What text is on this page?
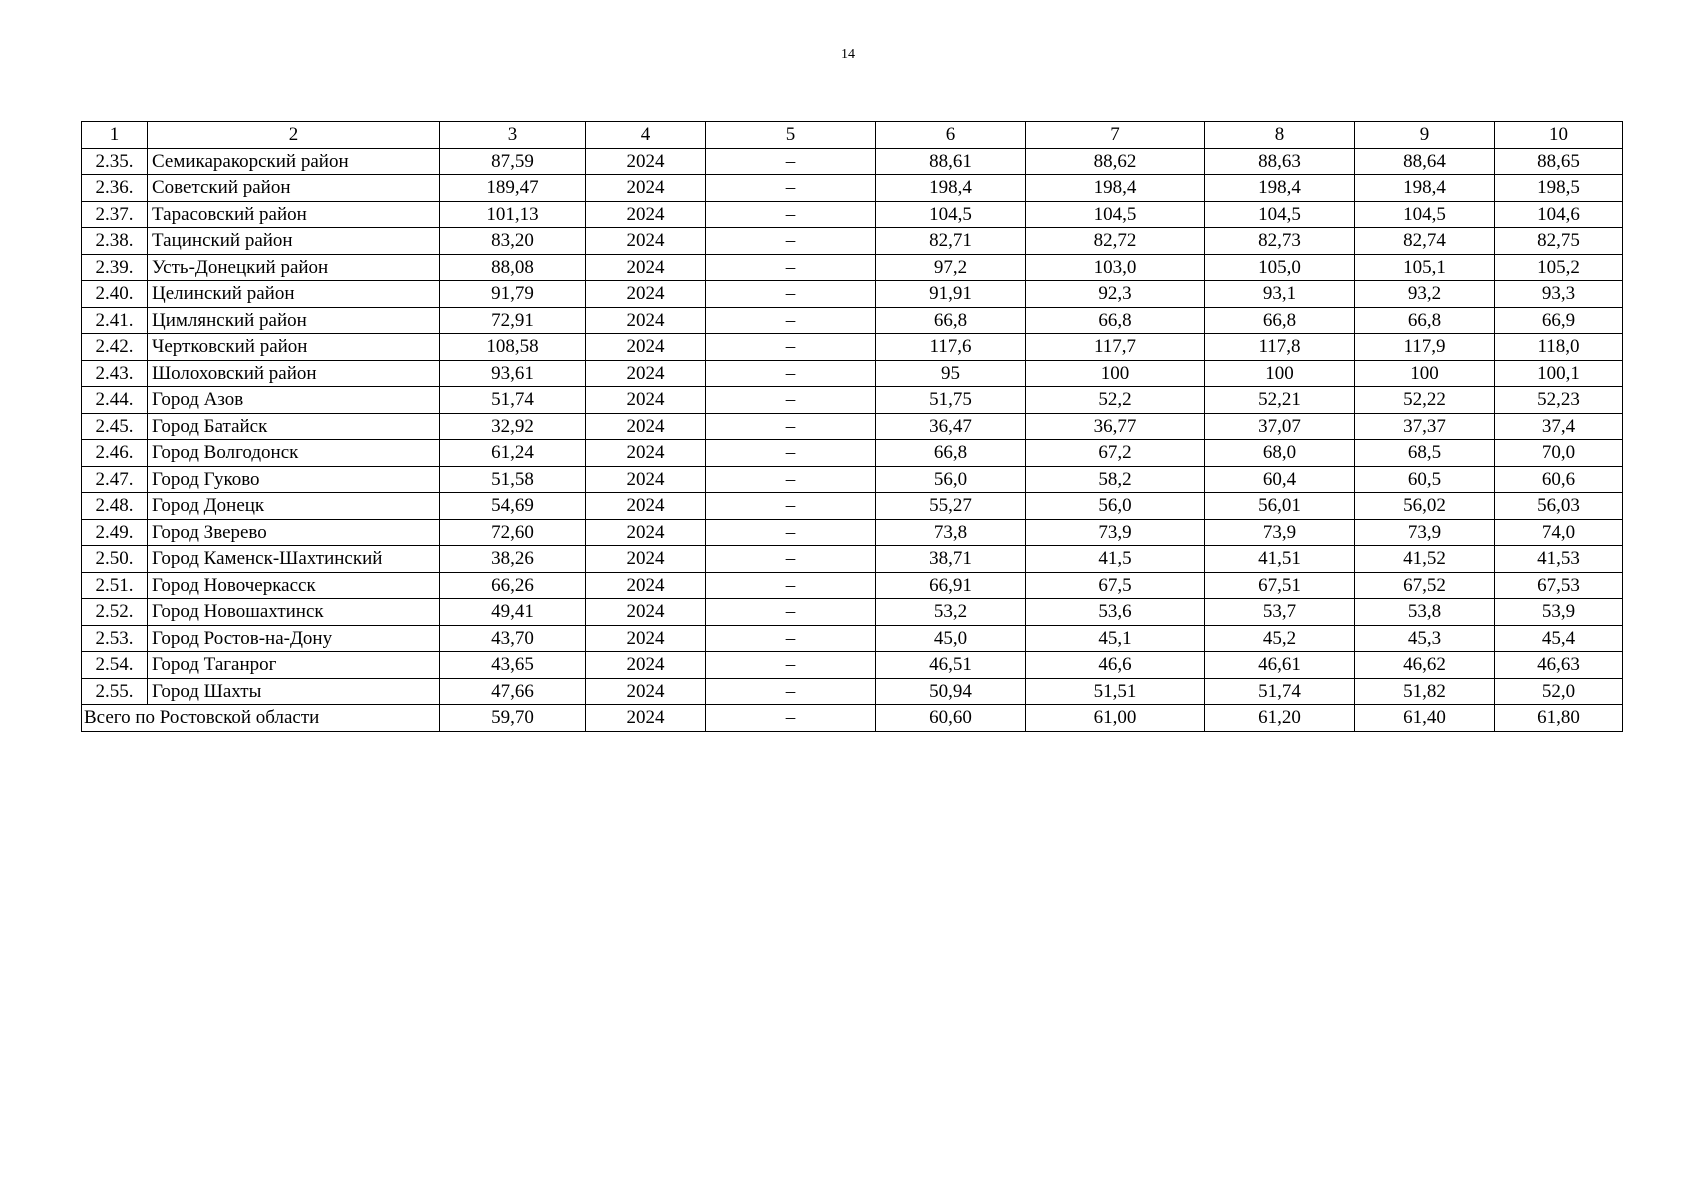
14
1	2	3	4	5	6	7	8	9	10
2.35.	Семикаракорский район	87,59	2024	–	88,61	88,62	88,63	88,64	88,65
2.36.	Советский район	189,47	2024	–	198,4	198,4	198,4	198,4	198,5
2.37.	Тарасовский район	101,13	2024	–	104,5	104,5	104,5	104,5	104,6
2.38.	Тацинский район	83,20	2024	–	82,71	82,72	82,73	82,74	82,75
2.39.	Усть-Донецкий район	88,08	2024	–	97,2	103,0	105,0	105,1	105,2
2.40.	Целинский район	91,79	2024	–	91,91	92,3	93,1	93,2	93,3
2.41.	Цимлянский район	72,91	2024	–	66,8	66,8	66,8	66,8	66,9
2.42.	Чертковский район	108,58	2024	–	117,6	117,7	117,8	117,9	118,0
2.43.	Шолоховский район	93,61	2024	–	95	100	100	100	100,1
2.44.	Город Азов	51,74	2024	–	51,75	52,2	52,21	52,22	52,23
2.45.	Город Батайск	32,92	2024	–	36,47	36,77	37,07	37,37	37,4
2.46.	Город Волгодонск	61,24	2024	–	66,8	67,2	68,0	68,5	70,0
2.47.	Город Гуково	51,58	2024	–	56,0	58,2	60,4	60,5	60,6
2.48.	Город Донецк	54,69	2024	–	55,27	56,0	56,01	56,02	56,03
2.49.	Город Зверево	72,60	2024	–	73,8	73,9	73,9	73,9	74,0
2.50.	Город Каменск-Шахтинский	38,26	2024	–	38,71	41,5	41,51	41,52	41,53
2.51.	Город Новочеркасск	66,26	2024	–	66,91	67,5	67,51	67,52	67,53
2.52.	Город Новошахтинск	49,41	2024	–	53,2	53,6	53,7	53,8	53,9
2.53.	Город Ростов-на-Дону	43,70	2024	–	45,0	45,1	45,2	45,3	45,4
2.54.	Город Таганрог	43,65	2024	–	46,51	46,6	46,61	46,62	46,63
2.55.	Город Шахты	47,66	2024	–	50,94	51,51	51,74	51,82	52,0
Всего по Ростовской области		59,70	2024	–	60,60	61,00	61,20	61,40	61,80
